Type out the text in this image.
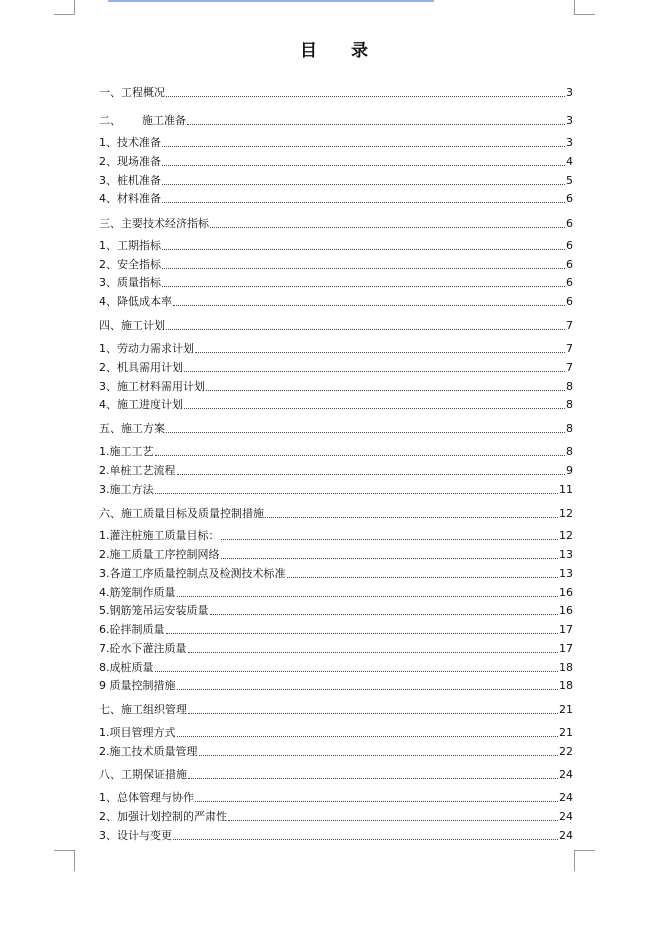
目 录
一、工程概况	3
二、      施工准备	3
1、技术准备	3
2、现场准备	4
3、桩机准备	5
4、材料准备	6
三、主要技术经济指标	6
1、工期指标	6
2、安全指标	6
3、质量指标	6
4、降低成本率	6
四、施工计划	7
1、劳动力需求计划	7
2、机具需用计划	7
3、施工材料需用计划	8
4、施工进度计划	8
五、施工方案	8
1.施工工艺	8
2.单桩工艺流程	9
3.施工方法	11
六、施工质量目标及质量控制措施	12
1.灌注桩施工质量目标：	12
2.施工质量工序控制网络	13
3.各道工序质量控制点及检测技术标准	13
4.筋笼制作质量	16
5.钢筋笼吊运安装质量	16
6.砼拌制质量	17
7.砼水下灌注质量	17
8.成桩质量	18
9 质量控制措施	18
七、施工组织管理	21
1.项目管理方式	21
2.施工技术质量管理	22
八、工期保证措施	24
1、总体管理与协作	24
2、加强计划控制的严肃性	24
3、设计与变更	24
